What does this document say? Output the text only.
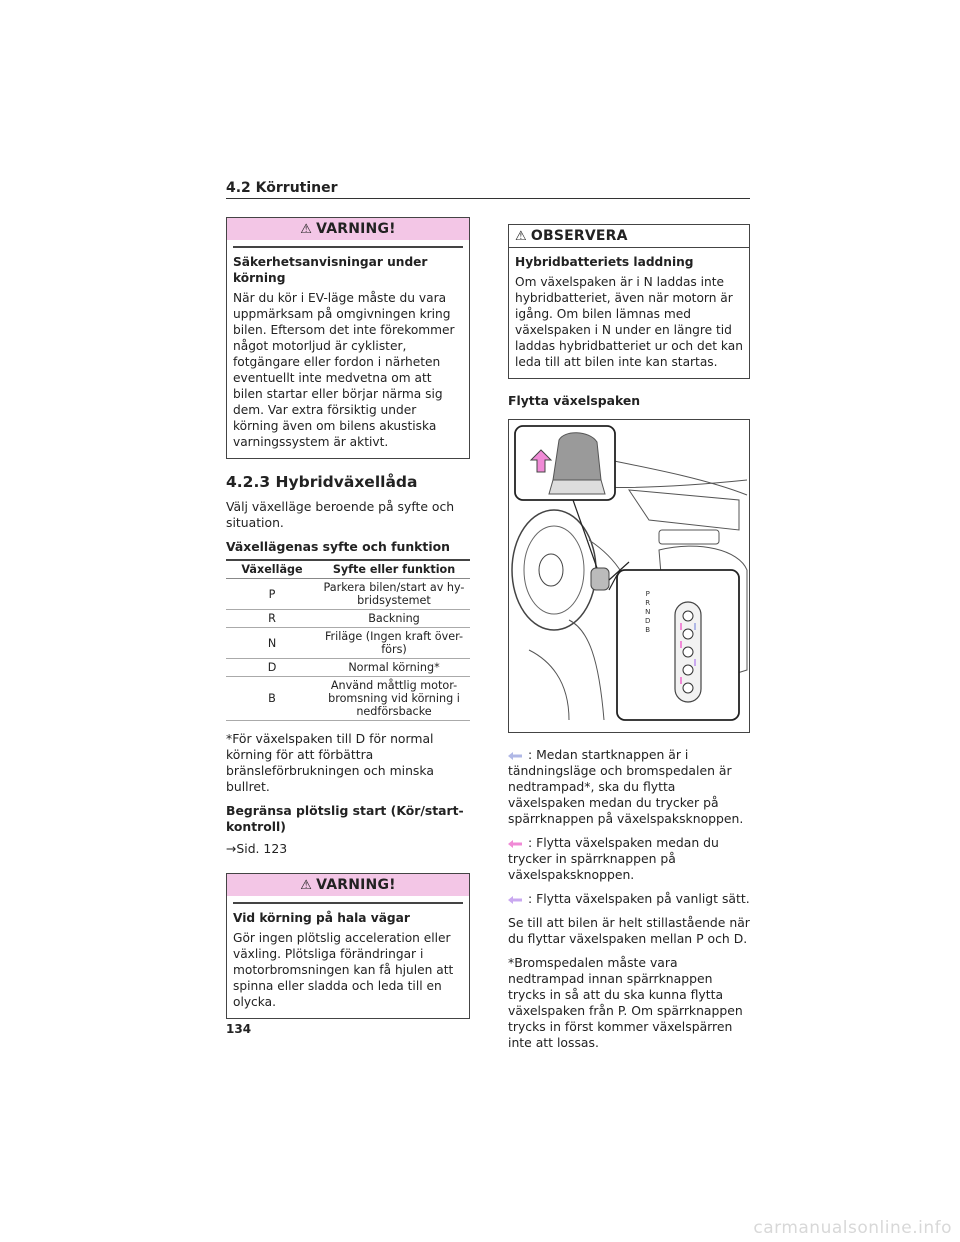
4.2 Körrutiner
⚠ VARNING!
Säkerhetsanvisningar under körning
När du kör i EV-läge måste du vara uppmärksam på omgivningen kring bilen. Eftersom det inte förekommer något motorljud är cyklister, fotgängare eller fordon i närheten eventuellt inte medvetna om att bilen startar eller börjar närma sig dem. Var extra försiktig under körning även om bilens akustiska varningssystem är aktivt.
4.2.3 Hybridväxellåda

Välj växelläge beroende på syfte och situation.

Växellägenas syfte och funktion

Växelläge	Syfte eller funktion
P	Parkera bilen/start av hy-bridsystemet
R	Backning
N	Friläge (Ingen kraft över-förs)
D	Normal körning*
B	Använd måttlig motor-bromsning vid körning i nedförsbacke

*För växelspaken till D för normal körning för att förbättra bränsleförbrukningen och minska bullret.

Begränsa plötslig start (Kör/start-kontroll)

→Sid. 123

⚠ VARNING!
Vid körning på hala vägar
Gör ingen plötslig acceleration eller växling. Plötsliga förändringar i motorbromsningen kan få hjulen att spinna eller sladda och leda till en olycka.
⚠ OBSERVERA
Hybridbatteriets laddning
Om växelspaken är i N laddas inte hybridbatteriet, även när motorn är igång. Om bilen lämnas med växelspaken i N under en längre tid laddas hybridbatteriet ur och det kan leda till att bilen inte kan startas.

Flytta växelspaken

P
R
N
D
B

: Medan startknappen är i tändningsläge och bromspedalen är nedtrampad*, ska du flytta växelspaken medan du trycker på spärrknappen på växelspaksknoppen.

: Flytta växelspaken medan du trycker in spärrknappen på växelspaksknoppen.

: Flytta växelspaken på vanligt sätt.

Se till att bilen är helt stillastående när du flyttar växelspaken mellan P och D.

*Bromspedalen måste vara nedtrampad innan spärrknappen trycks in så att du ska kunna flytta växelspaken från P. Om spärrknappen trycks in först kommer växelspärren inte att lossas.

134
carmanualsonline.info
